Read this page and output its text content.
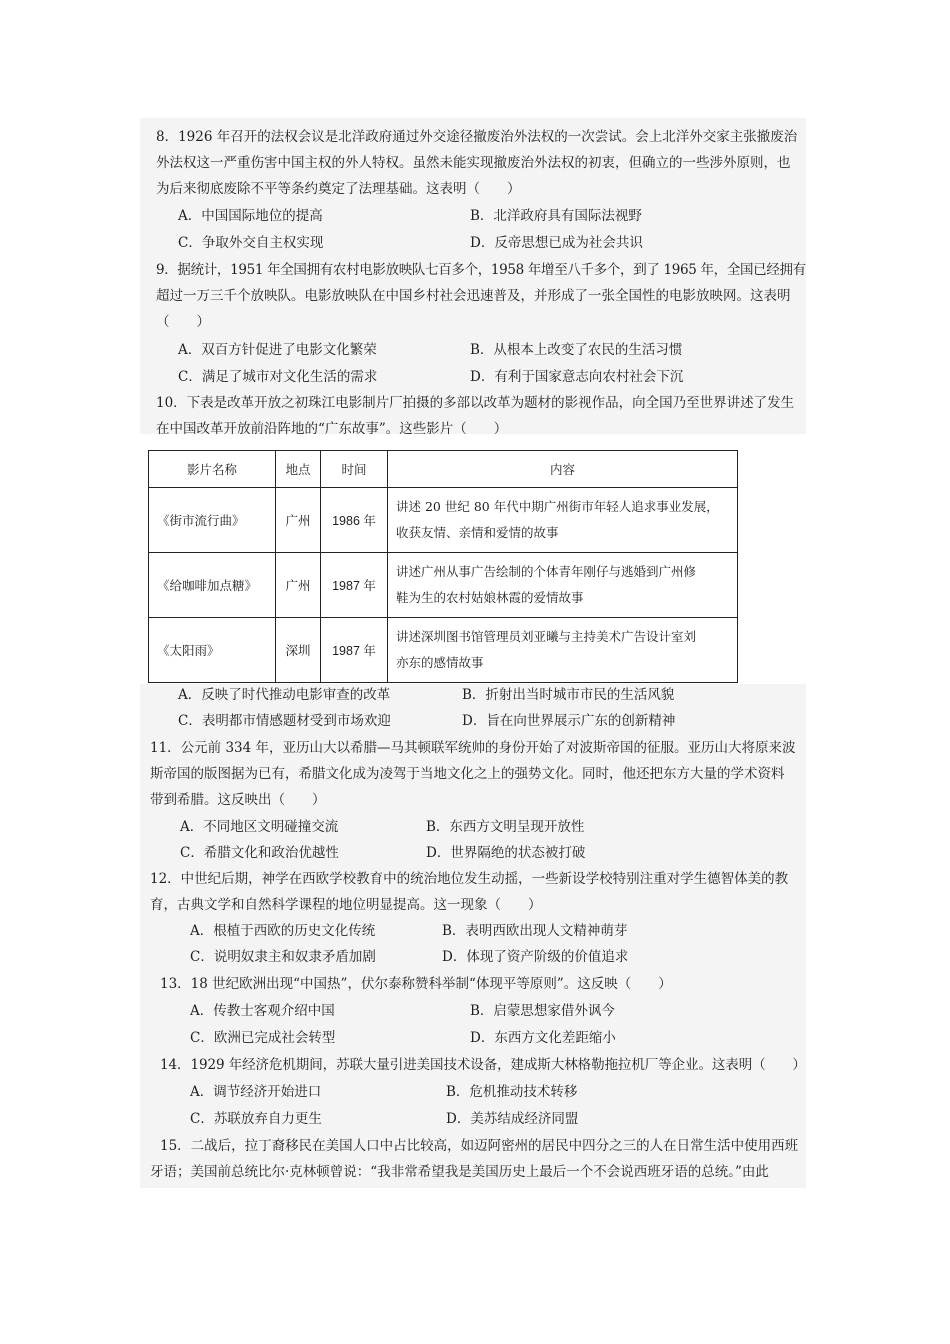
8．1926 年召开的法权会议是北洋政府通过外交途径撤废治外法权的一次尝试。会上北洋外交家主张撤废治
外法权这一严重伤害中国主权的外人特权。虽然未能实现撤废治外法权的初衷，但确立的一些涉外原则，也
为后来彻底废除不平等条约奠定了法理基础。这表明（　　）
A．中国国际地位的提高	B．北洋政府具有国际法视野
C．争取外交自主权实现	D．反帝思想已成为社会共识
9．据统计，1951 年全国拥有农村电影放映队七百多个，1958 年增至八千多个，到了 1965 年，全国已经拥有
超过一万三千个放映队。电影放映队在中国乡村社会迅速普及，并形成了一张全国性的电影放映网。这表明
（　　）
A．双百方针促进了电影文化繁荣	B．从根本上改变了农民的生活习惯
C．满足了城市对文化生活的需求	D．有利于国家意志向农村社会下沉
10．下表是改革开放之初珠江电影制片厂拍摄的多部以改革为题材的影视作品，向全国乃至世界讲述了发生
在中国改革开放前沿阵地的“广东故事”。这些影片（　　）
影片名称	地点	时间	内容
《街市流行曲》	广州	1986 年	讲述 20 世纪 80 年代中期广州街市年轻人追求事业发展，
收获友情、亲情和爱情的故事

《给咖啡加点糖》	广州	1987 年	讲述广州从事广告绘制的个体青年刚仔与逃婚到广州修
鞋为生的农村姑娘林霞的爱情故事

《太阳雨》	深圳	1987 年	讲述深圳图书馆管理员刘亚曦与主持美术广告设计室刘
亦东的感情故事
A．反映了时代推动电影审查的改革	B．折射出当时城市市民的生活风貌
C．表明都市情感题材受到市场欢迎	D．旨在向世界展示广东的创新精神
11．公元前 334 年，亚历山大以希腊—马其顿联军统帅的身份开始了对波斯帝国的征服。亚历山大将原来波
斯帝国的版图据为已有，希腊文化成为凌驾于当地文化之上的强势文化。同时，他还把东方大量的学术资料
带到希腊。这反映出（　　）
A．不同地区文明碰撞交流	B．东西方文明呈现开放性
C．希腊文化和政治优越性	D．世界隔绝的状态被打破
12．中世纪后期，神学在西欧学校教育中的统治地位发生动摇，一些新设学校特别注重对学生德智体美的教
育，古典文学和自然科学课程的地位明显提高。这一现象（　　）
A．根植于西欧的历史文化传统	B．表明西欧出现人文精神萌芽
C．说明奴隶主和奴隶矛盾加剧	D．体现了资产阶级的价值追求
13．18 世纪欧洲出现“中国热”，伏尔泰称赞科举制“体现平等原则”。这反映（　　）
A．传教士客观介绍中国	B．启蒙思想家借外讽今
C．欧洲已完成社会转型	D．东西方文化差距缩小
14．1929 年经济危机期间，苏联大量引进美国技术设备，建成斯大林格勒拖拉机厂等企业。这表明（　　）
A．调节经济开始进口	B．危机推动技术转移
C．苏联放弃自力更生	D．美苏结成经济同盟
15．二战后，拉丁裔移民在美国人口中占比较高，如迈阿密州的居民中四分之三的人在日常生活中使用西班
牙语；美国前总统比尔·克林顿曾说：“我非常希望我是美国历史上最后一个不会说西班牙语的总统。”由此
